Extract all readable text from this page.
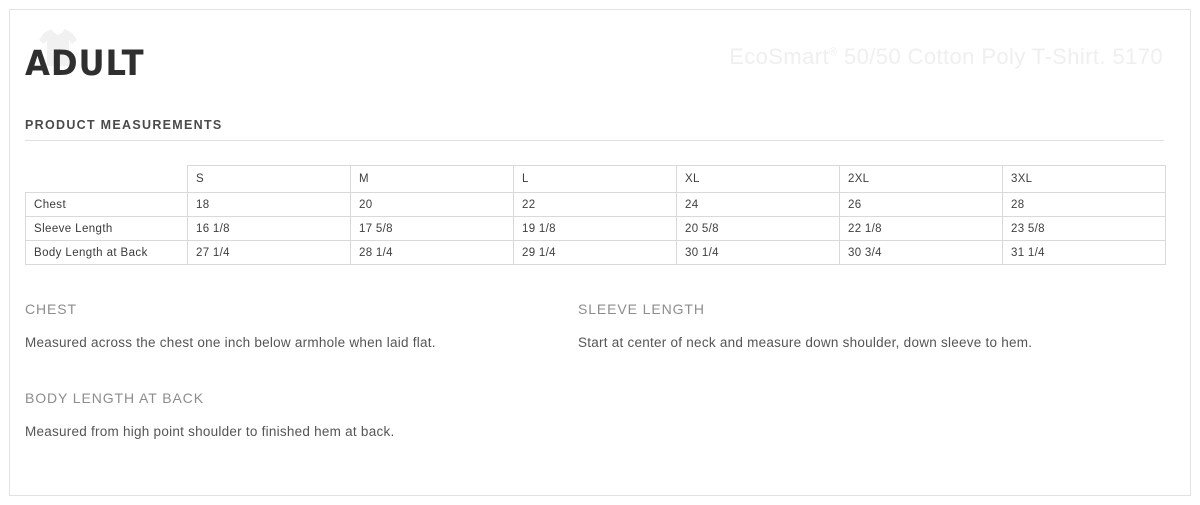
ADULT	EcoSmart® 50/50 Cotton Poly T-Shirt. 5170
PRODUCT MEASUREMENTS
	S	M	L	XL	2XL	3XL
Chest	18	20	22	24	26	28
Sleeve Length	16 1/8	17 5/8	19 1/8	20 5/8	22 1/8	23 5/8
Body Length at Back	27 1/4	28 1/4	29 1/4	30 1/4	30 3/4	31 1/4
CHEST
Measured across the chest one inch below armhole when laid flat.
SLEEVE LENGTH
Start at center of neck and measure down shoulder, down sleeve to hem.
BODY LENGTH AT BACK
Measured from high point shoulder to finished hem at back.
